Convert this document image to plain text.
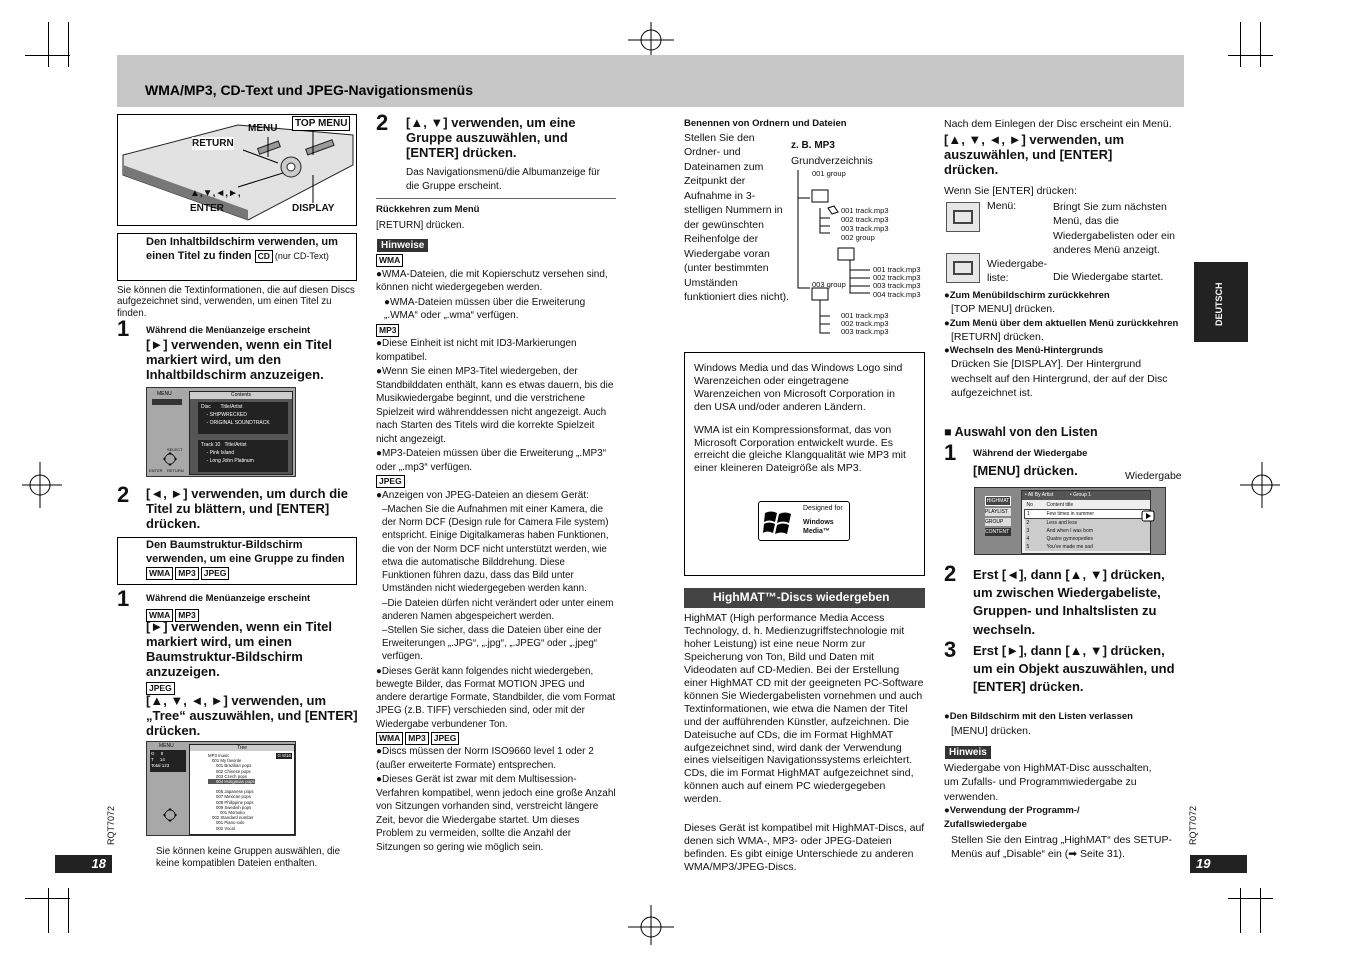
WMA/MP3, CD-Text und JPEG-Navigationsmenüs
MENU	TOP MENU
RETURN
▲,▼,◄,►,
ENTER	DISPLAY
Den Inhaltbildschirm verwenden, um einen Titel zu finden CD (nur CD-Text)
Sie können die Textinformationen, die auf diesen Discs aufgezeichnet sind, verwenden, um einen Titel zu finden.
1 Während die Menüanzeige erscheint
[►] verwenden, wenn ein Titel markiert wird, um den Inhaltbildschirm anzuzeigen.
MENU	Contents
Disc Title/Artist
- SHIPWRECKED
- ORIGINAL SOUNDTRACK
Track 10 Title/Artist
- Pink Island
- Long John Platinum
SELECT
ENTER RETURN
2 [◄, ►] verwenden, um durch die Titel zu blättern, und [ENTER] drücken.
Den Baumstruktur-Bildschirm verwenden, um eine Gruppe zu finden WMA MP3 JPEG
1 Während die Menüanzeige erscheint
WMA MP3
[►] verwenden, wenn ein Titel markiert wird, um einen Baumstruktur-Bildschirm anzuzeigen.
JPEG
[▲, ▼, ◄, ►] verwenden, um „Tree“ auszuwählen, und [ENTER] drücken.
MENU
G     8
T     14
Total 123
Tree
G 8/16
MP3 music
001 My favorite
001 Brazilian pops
002 Chinese pops
003 Czech pops
004 Hungarian pops
005 Japanese pops
007 Mexican pops
008 Philippine pops
009 Swedish pops
001 Momoko
002 Standard number
001 Piano solo
002 Vocal
Sie können keine Gruppen auswählen, die keine kompatiblen Dateien enthalten.
RQT7072
18
2 [▲, ▼] verwenden, um eine Gruppe auszuwählen, und [ENTER] drücken.
Das Navigationsmenü/die Albumanzeige für die Gruppe erscheint.
Rückkehren zum Menü
[RETURN] drücken.
Hinweise
WMA

●WMA-Dateien, die mit Kopierschutz versehen sind, können nicht wiedergegeben werden.

●WMA-Dateien müssen über die Erweiterung „.WMA“ oder „.wma“ verfügen.

MP3

●Diese Einheit ist nicht mit ID3-Markierungen kompatibel.

●Wenn Sie einen MP3-Titel wiedergeben, der Standbilddaten enthält, kann es etwas dauern, bis die Musikwiedergabe beginnt, und die verstrichene Spielzeit wird währenddessen nicht angezeigt. Auch nach Starten des Titels wird die korrekte Spielzeit nicht angezeigt.

●MP3-Dateien müssen über die Erweiterung „.MP3“ oder „.mp3“ verfügen.

JPEG

●Anzeigen von JPEG-Dateien an diesem Gerät:

–Machen Sie die Aufnahmen mit einer Kamera, die der Norm DCF (Design rule for Camera File system) entspricht. Einige Digitalkameras haben Funktionen, die von der Norm DCF nicht unterstützt werden, wie etwa die automatische Bilddrehung. Diese Funktionen führen dazu, dass das Bild unter Umständen nicht wiedergegeben werden kann.

–Die Dateien dürfen nicht verändert oder unter einem anderen Namen abgespeichert werden.

–Stellen Sie sicher, dass die Dateien über eine der Erweiterungen „.JPG“, „.jpg“, „.JPEG“ oder „.jpeg“ verfügen.

●Dieses Gerät kann folgendes nicht wiedergeben, bewegte Bilder, das Format MOTION JPEG und andere derartige Formate, Standbilder, die vom Format JPEG (z.B. TIFF) verschieden sind, oder mit der Wiedergabe verbundener Ton.

WMA MP3 JPEG

●Discs müssen der Norm ISO9660 level 1 oder 2 (außer erweiterte Formate) entsprechen.

●Dieses Gerät ist zwar mit dem Multisession-Verfahren kompatibel, wenn jedoch eine große Anzahl von Sitzungen vorhanden sind, verstreicht längere Zeit, bevor die Wiedergabe startet. Um dieses Problem zu vermeiden, sollte die Anzahl der Sitzungen so gering wie möglich sein.

Benennen von Ordnern und Dateien
Stellen Sie den Ordner- und Dateinamen zum Zeitpunkt der Aufnahme in 3-stelligen Nummern in der gewünschten Reihenfolge der Wiedergabe voran (unter bestimmten Umständen funktioniert dies nicht).
z. B. MP3
Grundverzeichnis
001 group
001 track.mp3
002 track.mp3
003 track.mp3
002 group
001 track.mp3
002 track.mp3
003 track.mp3
004 track.mp3
003 group
001 track.mp3
002 track.mp3
003 track.mp3

Windows Media und das Windows Logo sind Warenzeichen oder eingetragene Warenzeichen von Microsoft Corporation in den USA und/oder anderen Ländern.

WMA ist ein Kompressionsformat, das von Microsoft Corporation entwickelt wurde. Es erreicht die gleiche Klangqualität wie MP3 mit einer kleineren Dateigröße als MP3.

Designed for
Windows
Media™
HighMAT™-Discs wiedergeben
HighMAT (High performance Media Access Technology, d. h. Medienzugriffstechnologie mit hoher Leistung) ist eine neue Norm zur Speicherung von Ton, Bild und Daten mit Videodaten auf CD-Medien. Bei der Erstellung einer HighMAT CD mit der geeigneten PC-Software können Sie Wiedergabelisten vornehmen und auch Textinformationen, wie etwa die Namen der Titel und der aufführenden Künstler, aufzeichnen. Die Dateisuche auf CDs, die im Format HighMAT aufgezeichnet sind, wird dank der Verwendung eines vielseitigen Navigationssystems erleichtert. CDs, die im Format HighMAT aufgezeichnet sind, können auch auf einem PC wiedergegeben werden.
Dieses Gerät ist kompatibel mit HighMAT-Discs, auf denen sich WMA-, MP3- oder JPEG-Dateien befinden. Es gibt einige Unterschiede zu anderen WMA/MP3/JPEG-Discs.
Nach dem Einlegen der Disc erscheint ein Menü.
[▲, ▼, ◄, ►] verwenden, um auszuwählen, und [ENTER] drücken.
Wenn Sie [ENTER] drücken:
Menü:	Bringt Sie zum nächsten Menü, das die Wiedergabelisten oder ein anderes Menü anzeigt.
Wiedergabe-liste:	Die Wiedergabe startet.

●Zum Menübildschirm zurückkehren

[TOP MENU] drücken.

●Zum Menü über dem aktuellen Menü zurückkehren

[RETURN] drücken.

●Wechseln des Menü-Hintergrunds

Drücken Sie [DISPLAY]. Der Hintergrund wechselt auf den Hintergrund, der auf der Disc aufgezeichnet ist.

■ Auswahl von den Listen
1 Während der Wiedergabe
[MENU] drücken.	Wiedergabe
HIGHMAT
PLAYLIST
GROUP
CONTENT
• All By Artist	• Group 1
No	Content title
1	Few times in summer
2	Less and less
3	And when I was born
4	Quatre gymnopedies
5	You've made me sad
2 Erst [◄], dann [▲, ▼] drücken, um zwischen Wiedergabeliste, Gruppen- und Inhaltslisten zu wechseln.
3 Erst [►], dann [▲, ▼] drücken, um ein Objekt auszuwählen, und [ENTER] drücken.
●Den Bildschirm mit den Listen verlassen
[MENU] drücken.
Hinweis
Wiedergabe von HighMAT-Disc ausschalten, um Zufalls- und Programmwiedergabe zu verwenden.
●Verwendung der Programm-/ Zufallswiedergabe
Stellen Sie den Eintrag „HighMAT“ des SETUP-Menüs auf „Disable“ ein (➡ Seite 31).
DEUTSCH
RQT7072
19
